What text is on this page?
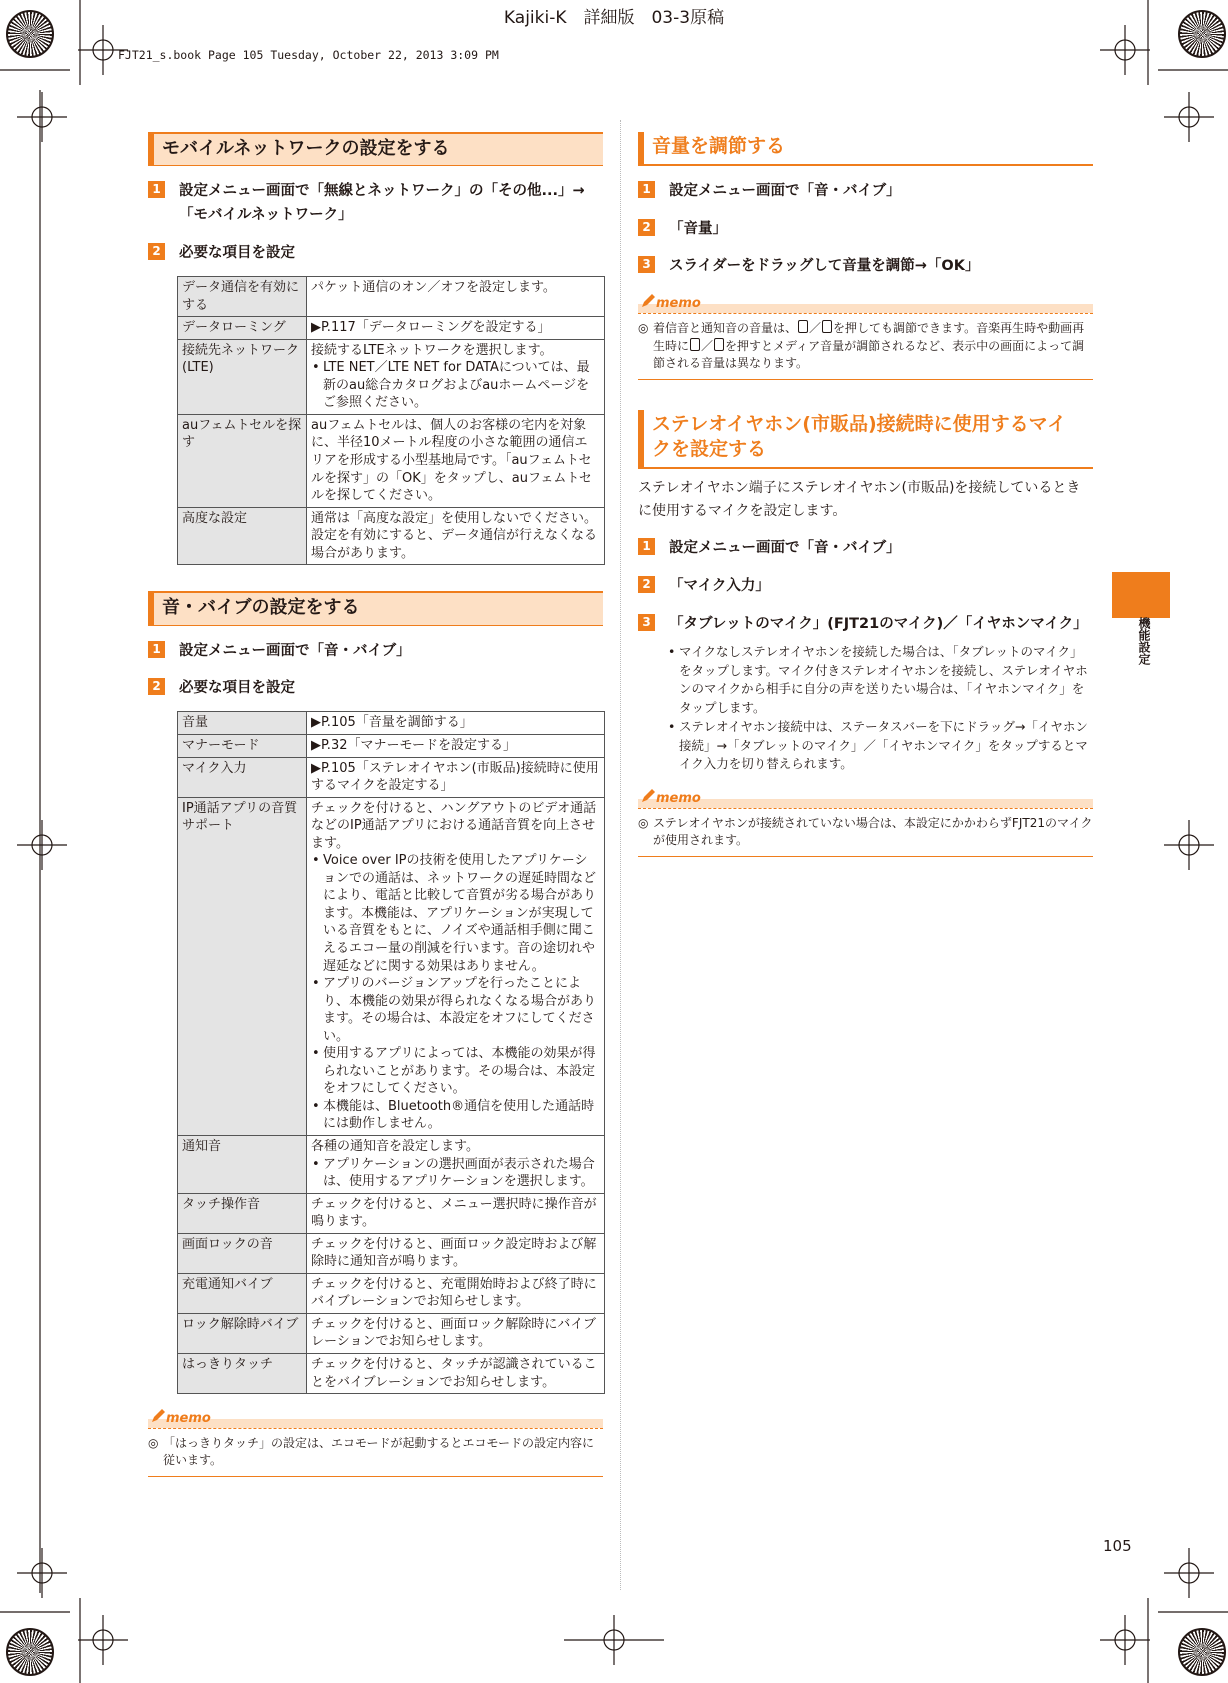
Kajiki-K　詳細版　03-3原稿
FJT21_s.book Page 105 Tuesday, October 22, 2013 3:09 PM
機能設定
モバイルネットワークの設定をする
1 設定メニュー画面で「無線とネットワーク」の「その他...」→「モバイルネットワーク」
2 必要な項目を設定
データ通信を有効にする	パケット通信のオン／オフを設定します。

データローミング	▶P.117「データローミングを設定する」

接続先ネットワーク(LTE)	接続するLTEネットワークを選択します。
• LTE NET／LTE NET for DATAについては、最新のau総合カタログおよびauホームページをご参照ください。

auフェムトセルを探す	auフェムトセルは、個人のお客様の宅内を対象に、半径10メートル程度の小さな範囲の通信エリアを形成する小型基地局です。「auフェムトセルを探す」の「OK」をタップし、auフェムトセルを探してください。

高度な設定	通常は「高度な設定」を使用しないでください。設定を有効にすると、データ通信が行えなくなる場合があります。
音・バイブの設定をする
1 設定メニュー画面で「音・バイブ」
2 必要な項目を設定
音量	▶P.105「音量を調節する」

マナーモード	▶P.32「マナーモードを設定する」

マイク入力	▶P.105「ステレオイヤホン(市販品)接続時に使用するマイクを設定する」

IP通話アプリの音質サポート	チェックを付けると、ハングアウトのビデオ通話などのIP通話アプリにおける通話音質を向上させます。
• Voice over IPの技術を使用したアプリケーションでの通話は、ネットワークの遅延時間などにより、電話と比較して音質が劣る場合があります。本機能は、アプリケーションが実現している音質をもとに、ノイズや通話相手側に聞こえるエコー量の削減を行います。音の途切れや遅延などに関する効果はありません。
• アプリのバージョンアップを行ったことにより、本機能の効果が得られなくなる場合があります。その場合は、本設定をオフにしてください。
• 使用するアプリによっては、本機能の効果が得られないことがあります。その場合は、本設定をオフにしてください。
• 本機能は、Bluetooth®通信を使用した通話時には動作しません。

通知音	各種の通知音を設定します。
• アプリケーションの選択画面が表示された場合は、使用するアプリケーションを選択します。

タッチ操作音	チェックを付けると、メニュー選択時に操作音が鳴ります。

画面ロックの音	チェックを付けると、画面ロック設定時および解除時に通知音が鳴ります。

充電通知バイブ	チェックを付けると、充電開始時および終了時にバイブレーションでお知らせします。

ロック解除時バイブ	チェックを付けると、画面ロック解除時にバイブレーションでお知らせします。

はっきりタッチ	チェックを付けると、タッチが認識されていることをバイブレーションでお知らせします。
memo
◎ 「はっきりタッチ」の設定は、エコモードが起動するとエコモードの設定内容に従います。
音量を調節する
1 設定メニュー画面で「音・バイブ」
2 「音量」
3 スライダーをドラッグして音量を調節→「OK」
memo
◎ 着信音と通知音の音量は、 ／ を押しても調節できます。音楽再生時や動画再生時に ／ を押すとメディア音量が調節されるなど、表示中の画面によって調節される音量は異なります。
ステレオイヤホン(市販品)接続時に使用するマイクを設定する
ステレオイヤホン端子にステレオイヤホン(市販品)を接続しているときに使用するマイクを設定します。
1 設定メニュー画面で「音・バイブ」
2 「マイク入力」
3 「タブレットのマイク」(FJT21のマイク)／「イヤホンマイク」
• マイクなしステレオイヤホンを接続した場合は、「タブレットのマイク」をタップします。マイク付きステレオイヤホンを接続し、ステレオイヤホンのマイクから相手に自分の声を送りたい場合は、「イヤホンマイク」をタップします。
• ステレオイヤホン接続中は、ステータスバーを下にドラッグ→「イヤホン接続」→「タブレットのマイク」／「イヤホンマイク」をタップするとマイク入力を切り替えられます。
memo
◎ ステレオイヤホンが接続されていない場合は、本設定にかかわらずFJT21のマイクが使用されます。
105
